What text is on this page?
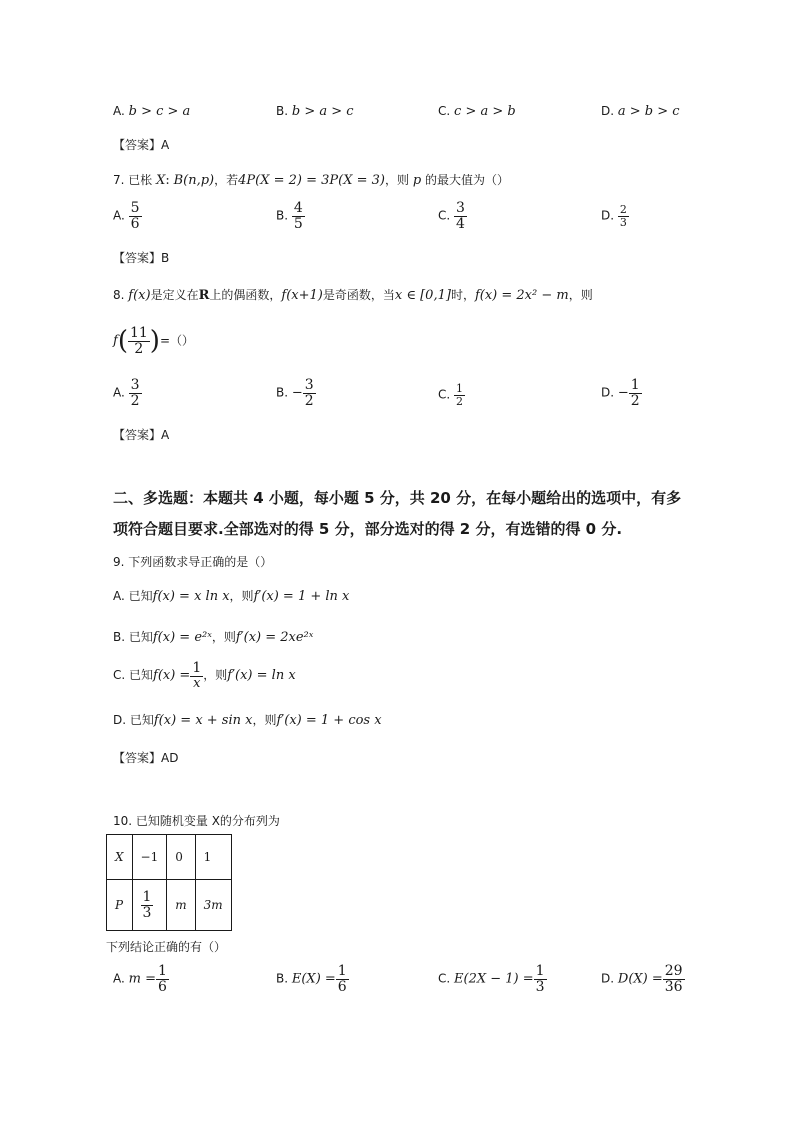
A. b > c > a	B. b > a > c	C. c > a > b	D. a > b > c
【答案】A
7. 已枨 X: B(n,p)，若4P(X = 2) = 3P(X = 3)，则 p 的最大值为（）
A. $\frac{5}{6}$	B. $\frac{4}{5}$	C. $\frac{3}{4}$	D. $\frac{2}{3}$
【答案】B
8. f(x)是定义在R上的偶函数，f(x+1)是奇函数，当x ∈ [0,1]时，f(x) = 2x² − m，则
$f( \frac{11}{2}$ )=（）
A. $\frac{3}{2}$	B. − $\frac{3}{2}$	C. $\frac{1}{2}$	D. − $\frac{1}{2}$
【答案】A
二、多选题：本题共 4 小题，每小题 5 分，共 20 分，在每小题给出的选项中，有多
项符合题目要求.全部选对的得 5 分，部分选对的得 2 分，有选错的得 0 分.
9. 下列函数求导正确的是（）
A. 已知f(x) = x ln x，则f′(x) = 1 + ln x
B. 已知f(x) = e²ˣ，则f′(x) = 2xe²ˣ
C. 已知$f(x) = \frac{1}{x}$ ，则f′(x) = ln x
D. 已知f(x) = x + sin x，则f′(x) = 1 + cos x
【答案】AD
10. 已知随机变量 X的分布列为
X	−1	0	1
P	$\frac{1}{3}$	m	3m
下列结论正确的有（）
A. $m = \frac{1}{6}$	B. $E(X) = \frac{1}{6}$	C. $E(2X - 1) = \frac{1}{3}$	D. $D(X) = \frac{29}{36}$
